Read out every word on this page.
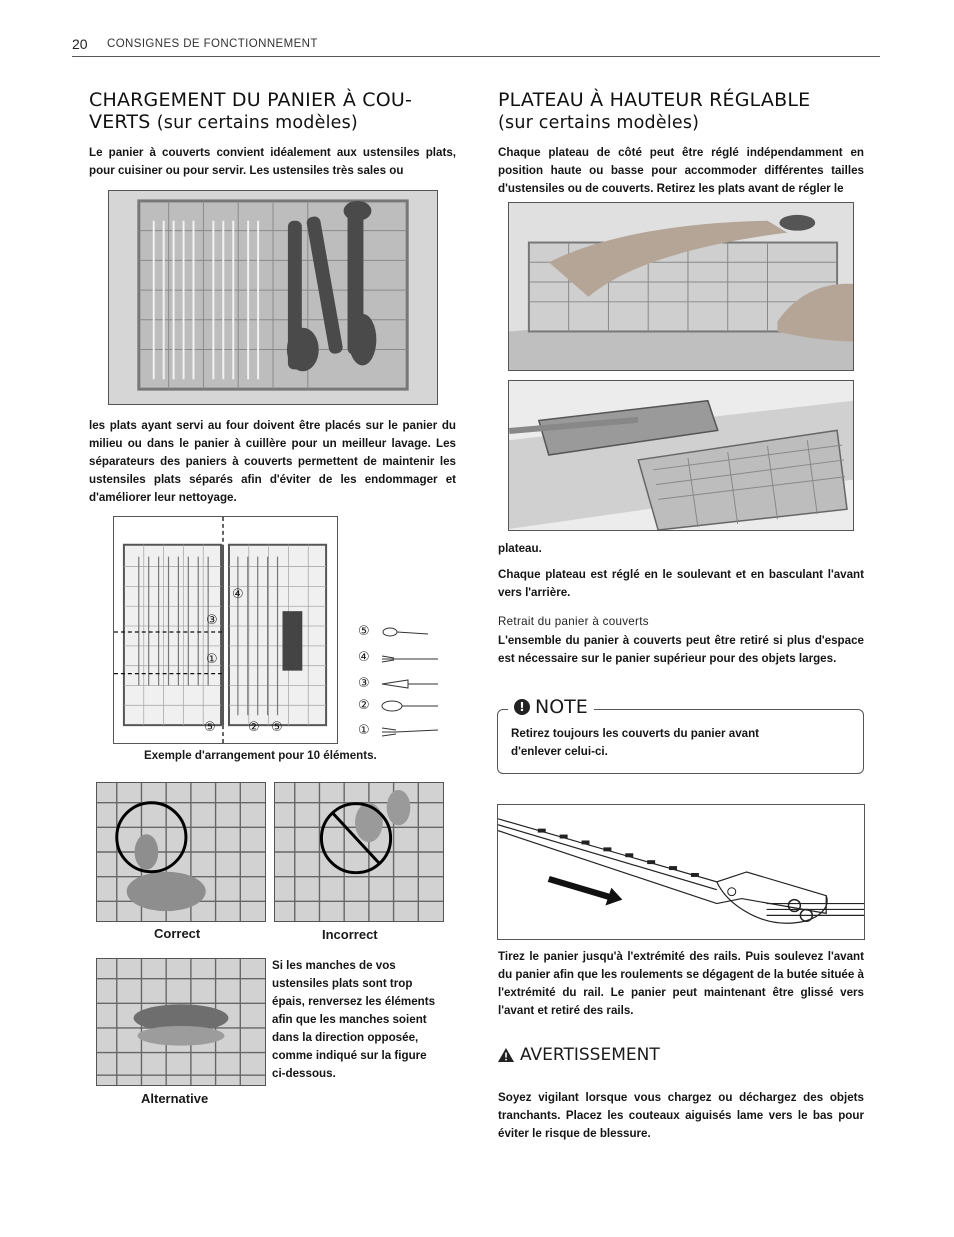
20 CONSIGNES DE FONCTIONNEMENT
CHARGEMENT DU PANIER À COU-
VERTS (sur certains modèles)
Le panier à couverts convient idéalement aux ustensiles plats, pour cuisiner ou pour servir. Les ustensiles très sales ou
les plats ayant servi au four doivent être placés sur le panier du milieu ou dans le panier à cuillère pour un meilleur lavage. Les séparateurs des paniers à couverts permettent de maintenir les ustensiles plats séparés afin d'éviter de les endommager et d'améliorer leur nettoyage.
④
③
①
⑤ ② ⑤
⑤
④
③
②
①
Exemple d'arrangement pour 10 éléments.
Correct	Incorrect
Alternative
Si les manches de vos ustensiles plats sont trop épais, renversez les éléments afin que les manches soient dans la direction opposée, comme indiqué sur la figure ci-dessous.
PLATEAU À HAUTEUR RÉGLABLE
(sur certains modèles)
Chaque plateau de côté peut être réglé indépendamment en position haute ou basse pour accommoder différentes tailles d'ustensiles ou de couverts. Retirez les plats avant de régler le
plateau.
Chaque plateau est réglé en le soulevant et en basculant l'avant vers l'arrière.
Retrait du panier à couverts
L'ensemble du panier à couverts peut être retiré si plus d'espace est nécessaire sur le panier supérieur pour des objets larges.
! NOTE
Retirez toujours les couverts du panier avant d'enlever celui-ci.
Tirez le panier jusqu'à l'extrémité des rails. Puis soulevez l'avant du panier afin que les roulements se dégagent de la butée située à l'extrémité du rail. Le panier peut maintenant être glissé vers l'avant et retiré des rails.
AVERTISSEMENT
Soyez vigilant lorsque vous chargez ou déchargez des objets tranchants. Placez les couteaux aiguisés lame vers le bas pour éviter le risque de blessure.
